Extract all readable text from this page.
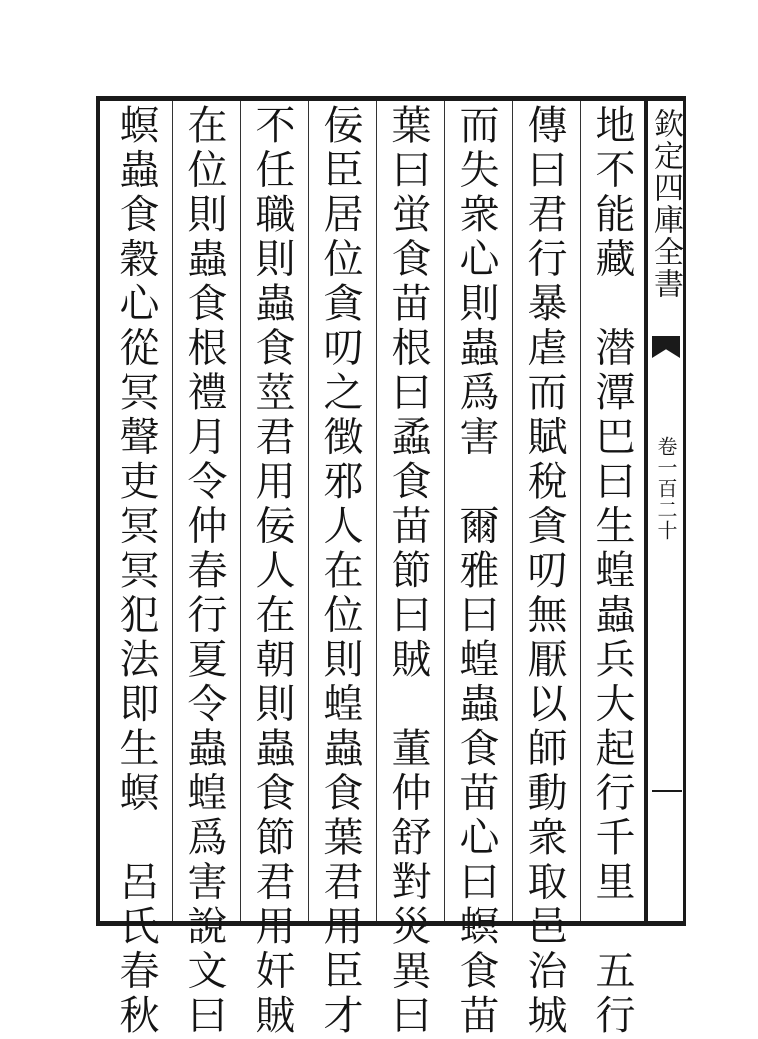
欽定四庫全書
卷一百二十
地不能藏　潜潭巴曰生蝗蟲兵大起行千里　五行
傳曰君行暴虐而賦稅貪叨無厭以師動衆取邑治城
而失衆心則蟲爲害　爾雅曰蝗蟲食苗心曰螟食苗
葉曰蛍食苗根曰蟊食苗節曰賊　董仲舒對災異曰
佞臣居位貪叨之徴邪人在位則蝗蟲食葉君用臣才
不任職則蟲食莖君用佞人在朝則蟲食節君用奸賊
在位則蟲食根禮月令仲春行夏令蟲蝗爲害說文曰
螟蟲食穀心從冥聲吏冥冥犯法即生螟　呂氏春秋
